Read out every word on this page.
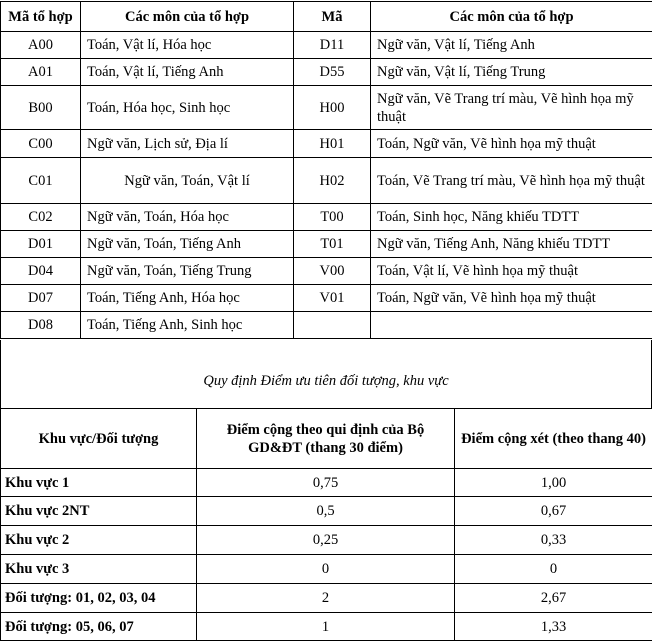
Mã tổ hợp	Các môn của tổ hợp	Mã	Các môn của tổ hợp
A00	Toán, Vật lí, Hóa học	D11	Ngữ văn, Vật lí, Tiếng Anh
A01	Toán, Vật lí, Tiếng Anh	D55	Ngữ văn, Vật lí, Tiếng Trung
B00	Toán, Hóa học, Sinh học	H00	Ngữ văn, Vẽ Trang trí màu, Vẽ hình họa mỹ thuật
C00	Ngữ văn, Lịch sử, Địa lí	H01	Toán, Ngữ văn, Vẽ hình họa mỹ thuật
C01	Ngữ văn, Toán, Vật lí	H02	Toán, Vẽ Trang trí màu, Vẽ hình họa mỹ thuật
C02	Ngữ văn, Toán, Hóa học	T00	Toán, Sinh học, Năng khiếu TDTT
D01	Ngữ văn, Toán, Tiếng Anh	T01	Ngữ văn, Tiếng Anh, Năng khiếu TDTT
D04	Ngữ văn, Toán, Tiếng Trung	V00	Toán, Vật lí, Vẽ hình họa mỹ thuật
D07	Toán, Tiếng Anh, Hóa học	V01	Toán, Ngữ văn, Vẽ hình họa mỹ thuật
D08	Toán, Tiếng Anh, Sinh học		
Quy định Điểm ưu tiên đối tượng, khu vực
Khu vực/Đối tượng	Điểm cộng theo qui định của Bộ GD&ĐT (thang 30 điểm)	Điểm cộng xét (theo thang 40)
Khu vực 1	0,75	1,00
Khu vực 2NT	0,5	0,67
Khu vực 2	0,25	0,33
Khu vực 3	0	0
Đối tượng: 01, 02, 03, 04	2	2,67
Đối tượng: 05, 06, 07	1	1,33
